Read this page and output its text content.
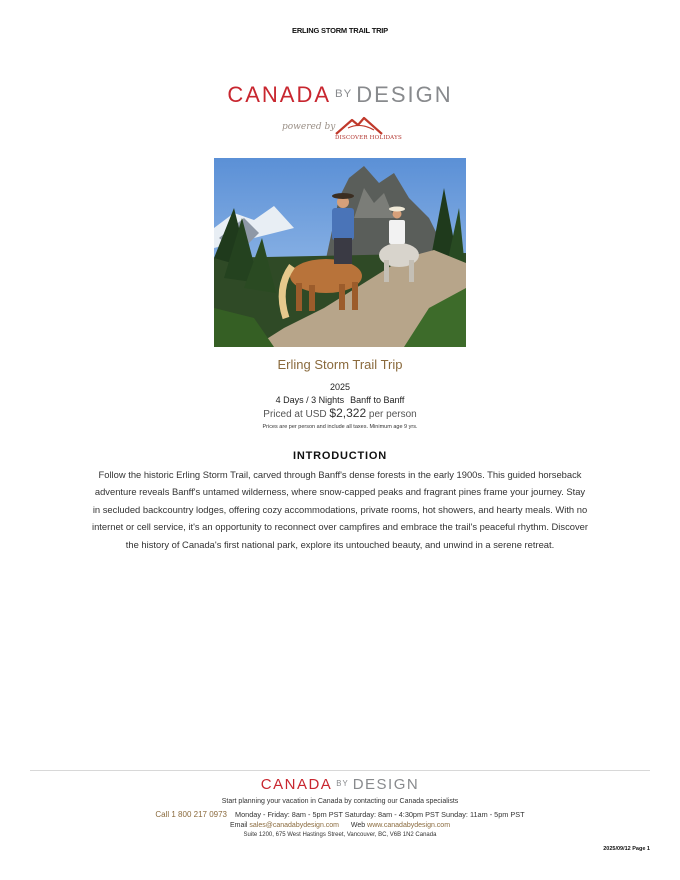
ERLING STORM TRAIL TRIP
CANADA $^{BY}$ DESIGN
powered by
DISCOVER HOLIDAYS
Erling Storm Trail Trip
2025
4 Days / 3 Nights Banff to Banff
Priced at USD $2,322 per person
Prices are per person and include all taxes. Minimum age 9 yrs.
INTRODUCTION
Follow the historic Erling Storm Trail, carved through Banff's dense forests in the early 1900s. This guided horseback adventure reveals Banff's untamed wilderness, where snow-capped peaks and fragrant pines frame your journey. Stay in secluded backcountry lodges, offering cozy accommodations, private rooms, hot showers, and hearty meals. With no internet or cell service, it's an opportunity to reconnect over campfires and embrace the trail's peaceful rhythm. Discover the history of Canada's first national park, explore its untouched beauty, and unwind in a serene retreat.
CANADA $^{BY}$ DESIGN
Start planning your vacation in Canada by contacting our Canada specialists
Call 1 800 217 0973 Monday - Friday: 8am - 5pm PST Saturday: 8am - 4:30pm PST Sunday: 11am - 5pm PST
Email sales@canadabydesign.com Web www.canadabydesign.com
Suite 1200, 675 West Hastings Street, Vancouver, BC, V6B 1N2 Canada
2025/09/12 Page 1
